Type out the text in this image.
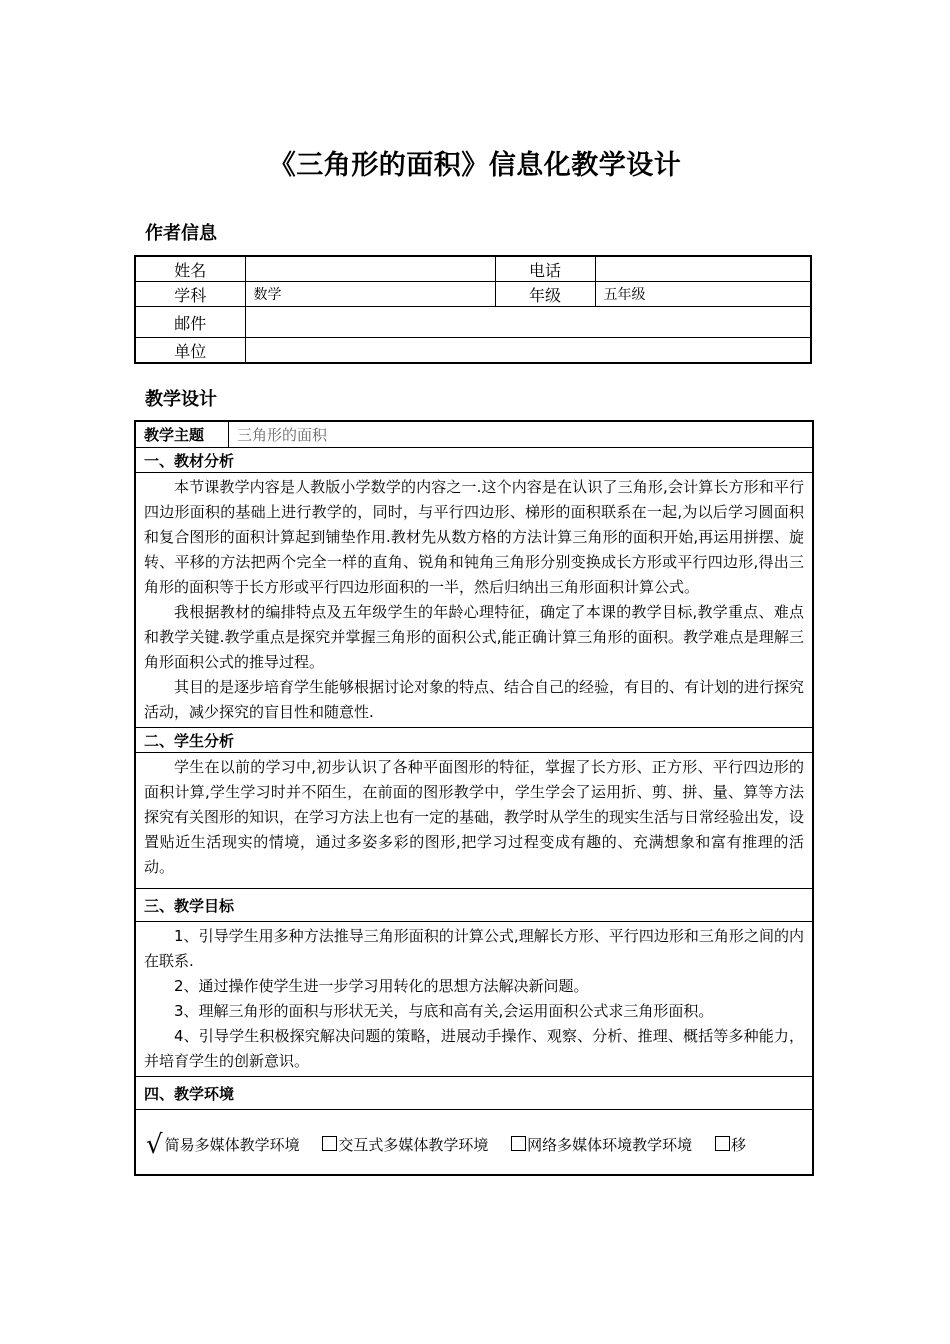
《三角形的面积》信息化教学设计
作者信息
姓名		电话	
学科	数学	年级	五年级
邮件			
单位			
教学设计
教学主题	三角形的面积
一、教材分析

本节课教学内容是人教版小学数学的内容之一.这个内容是在认识了三角形,会计算长方形和平行四边形面积的基础上进行教学的，同时，与平行四边形、梯形的面积联系在一起,为以后学习圆面积和复合图形的面积计算起到铺垫作用.教材先从数方格的方法计算三角形的面积开始,再运用拼摆、旋转、平移的方法把两个完全一样的直角、锐角和钝角三角形分别变换成长方形或平行四边形,得出三角形的面积等于长方形或平行四边形面积的一半，然后归纳出三角形面积计算公式。

我根据教材的编排特点及五年级学生的年龄心理特征，确定了本课的教学目标,教学重点、难点和教学关键.教学重点是探究并掌握三角形的面积公式,能正确计算三角形的面积。教学难点是理解三角形面积公式的推导过程。

其目的是逐步培育学生能够根据讨论对象的特点、结合自己的经验，有目的、有计划的进行探究活动，减少探究的盲目性和随意性.

二、学生分析

学生在以前的学习中,初步认识了各种平面图形的特征，掌握了长方形、正方形、平行四边形的面积计算,学生学习时并不陌生，在前面的图形教学中，学生学会了运用折、剪、拼、量、算等方法探究有关图形的知识，在学习方法上也有一定的基础，教学时从学生的现实生活与日常经验出发，设置贴近生活现实的情境，通过多姿多彩的图形,把学习过程变成有趣的、充满想象和富有推理的活动。

三、教学目标

1、引导学生用多种方法推导三角形面积的计算公式,理解长方形、平行四边形和三角形之间的内在联系.

2、通过操作使学生进一步学习用转化的思想方法解决新问题。

3、理解三角形的面积与形状无关，与底和高有关,会运用面积公式求三角形面积。

4、引导学生积极探究解决问题的策略，进展动手操作、观察、分析、推理、概括等多种能力，并培育学生的创新意识。

四、教学环境
√ 简易多媒体教学环境	交互式多媒体教学环境	网络多媒体环境教学环境	移
